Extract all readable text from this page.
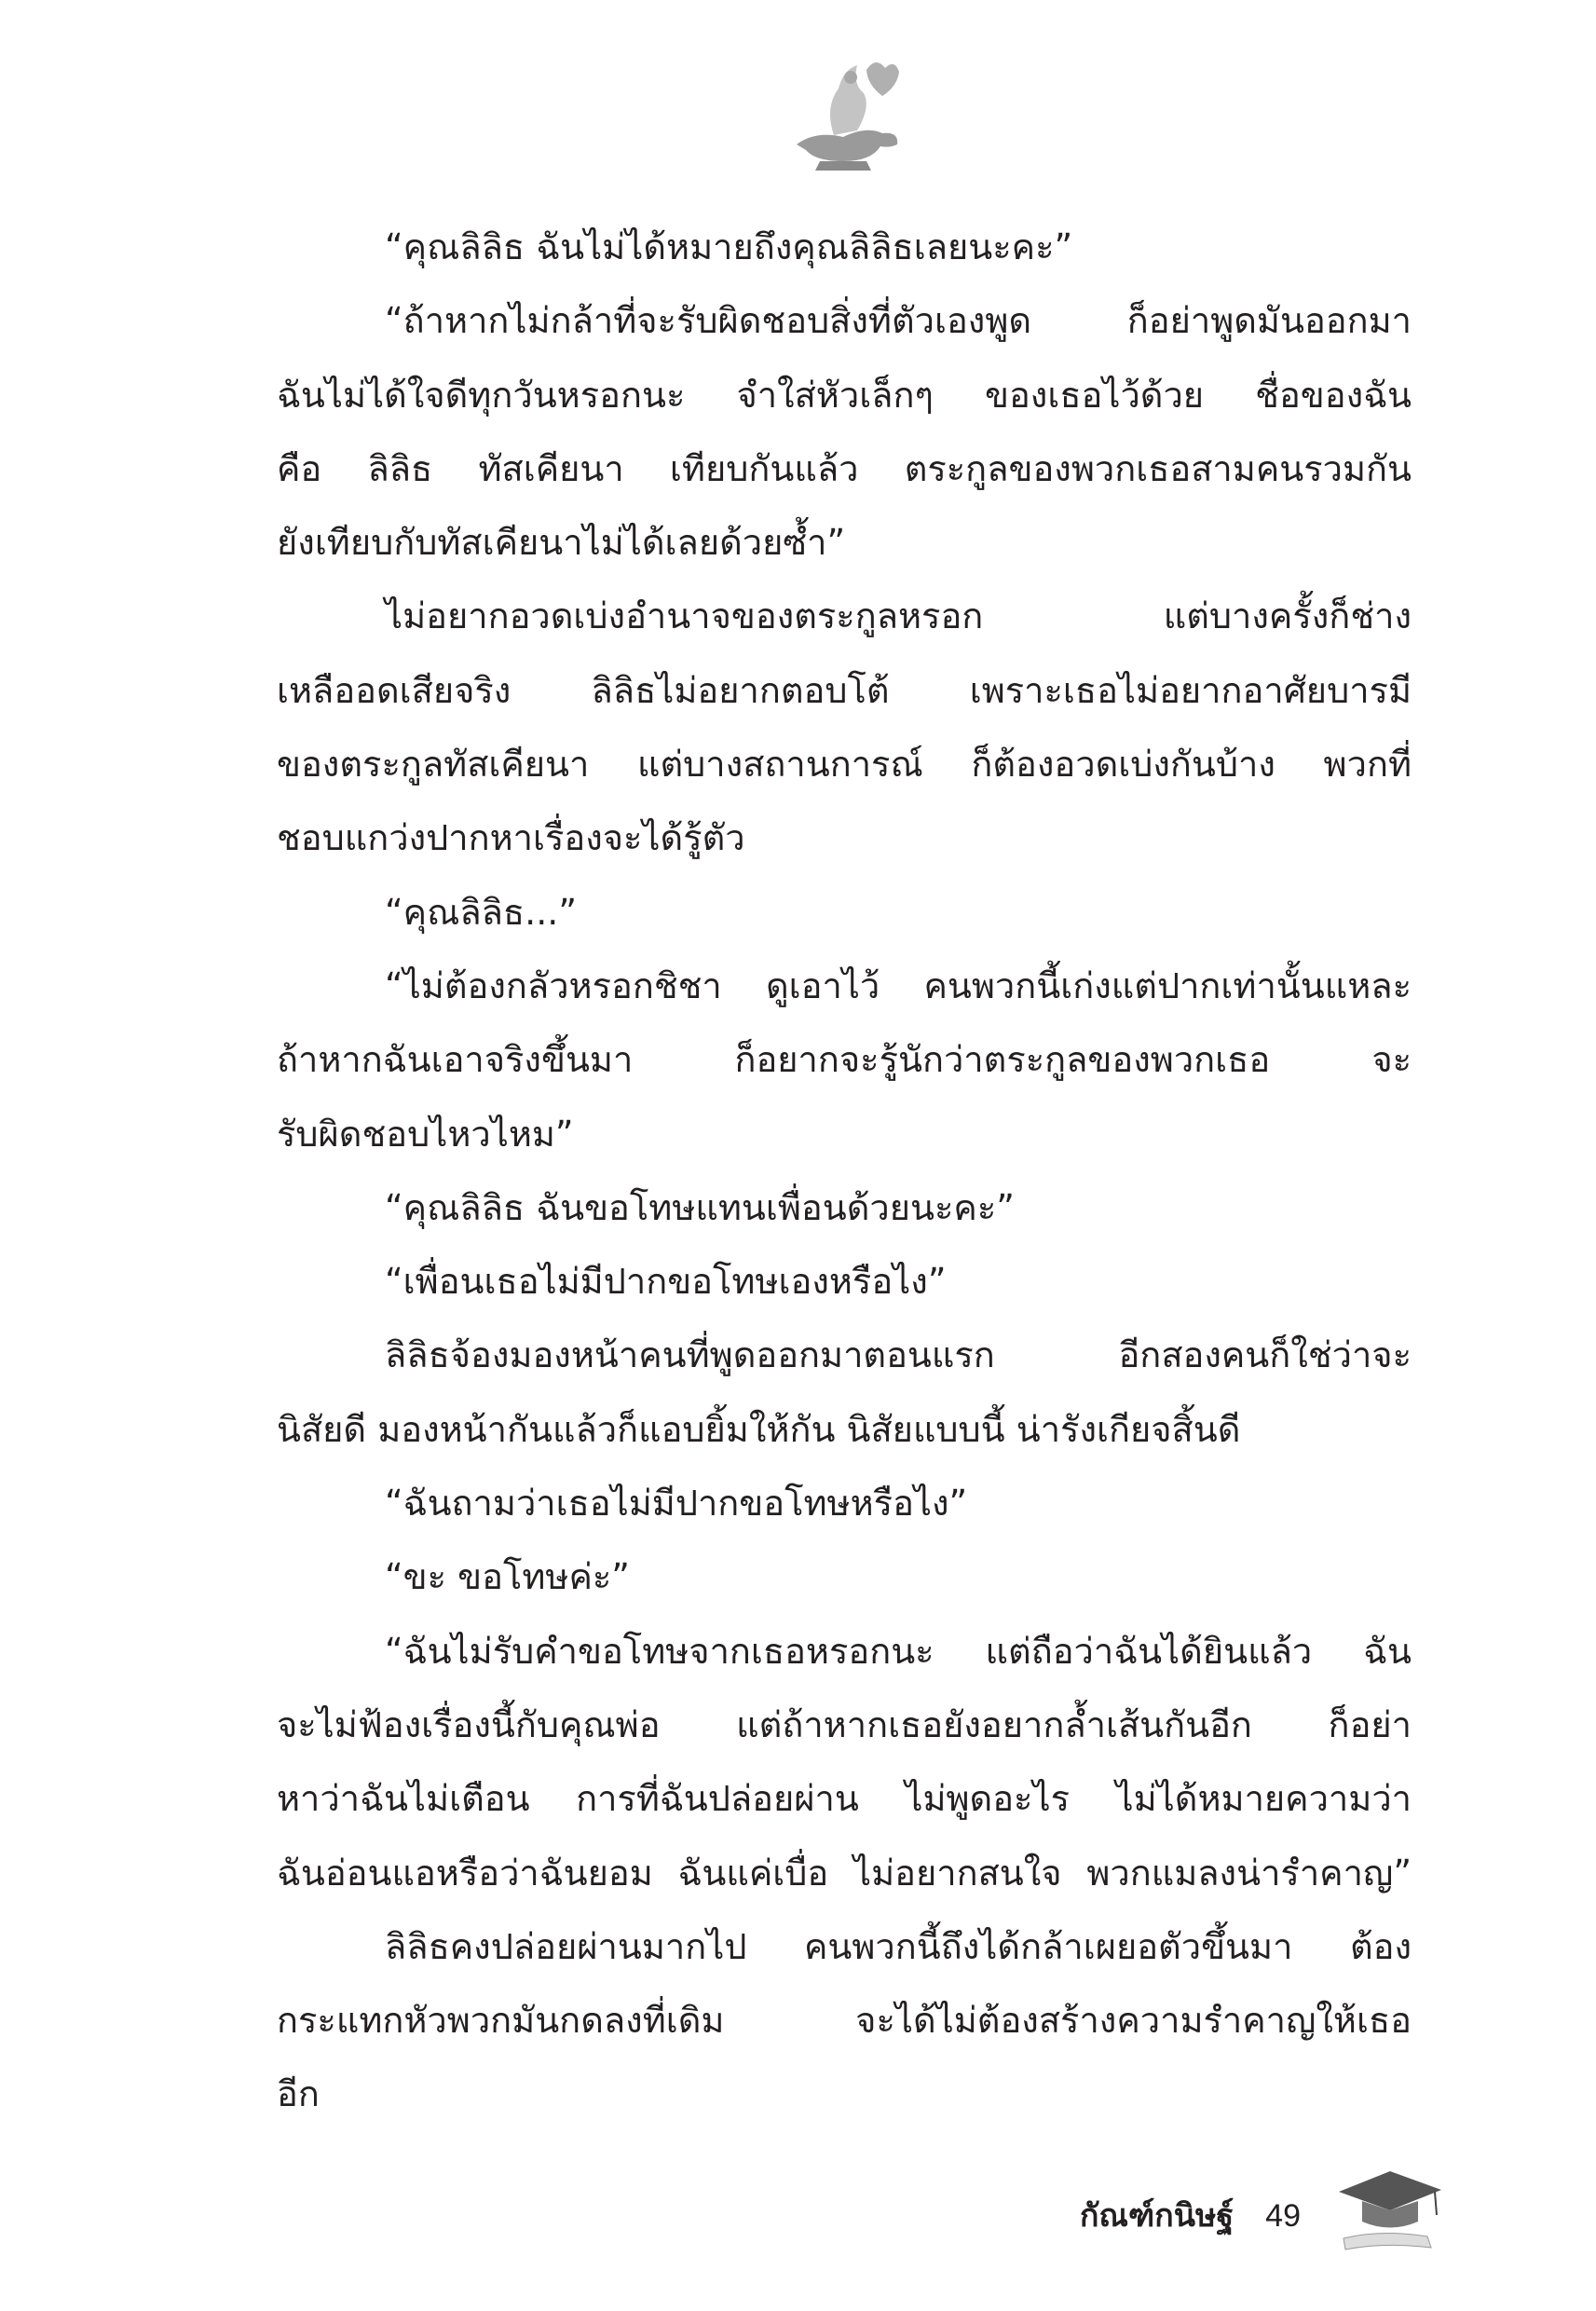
“คุณลิลิธ ฉันไม่ได้หมายถึงคุณลิลิธเลยนะคะ”
“ถ้าหากไม่กล้าที่จะรับผิดชอบสิ่งที่ตัวเองพูด ก็อย่าพูดมันออกมา
ฉันไม่ได้ใจดีทุกวันหรอกนะ จำใส่หัวเล็กๆ ของเธอไว้ด้วย ชื่อของฉัน
คือ ลิลิธ ทัสเคียนา เทียบกันแล้ว ตระกูลของพวกเธอสามคนรวมกัน
ยังเทียบกับทัสเคียนาไม่ได้เลยด้วยซ้ำ”
ไม่อยากอวดเบ่งอำนาจของตระกูลหรอก แต่บางครั้งก็ช่าง
เหลืออดเสียจริง ลิลิธไม่อยากตอบโต้ เพราะเธอไม่อยากอาศัยบารมี
ของตระกูลทัสเคียนา แต่บางสถานการณ์ ก็ต้องอวดเบ่งกันบ้าง พวกที่
ชอบแกว่งปากหาเรื่องจะได้รู้ตัว
“คุณลิลิธ...”
“ไม่ต้องกลัวหรอกชิชา ดูเอาไว้ คนพวกนี้เก่งแต่ปากเท่านั้นแหละ
ถ้าหากฉันเอาจริงขึ้นมา ก็อยากจะรู้นักว่าตระกูลของพวกเธอ จะ
รับผิดชอบไหวไหม”
“คุณลิลิธ ฉันขอโทษแทนเพื่อนด้วยนะคะ”
“เพื่อนเธอไม่มีปากขอโทษเองหรือไง”
ลิลิธจ้องมองหน้าคนที่พูดออกมาตอนแรก อีกสองคนก็ใช่ว่าจะ
นิสัยดี มองหน้ากันแล้วก็แอบยิ้มให้กัน นิสัยแบบนี้ น่ารังเกียจสิ้นดี
“ฉันถามว่าเธอไม่มีปากขอโทษหรือไง”
“ขะ ขอโทษค่ะ”
“ฉันไม่รับคำขอโทษจากเธอหรอกนะ แต่ถือว่าฉันได้ยินแล้ว ฉัน
จะไม่ฟ้องเรื่องนี้กับคุณพ่อ แต่ถ้าหากเธอยังอยากล้ำเส้นกันอีก ก็อย่า
หาว่าฉันไม่เตือน การที่ฉันปล่อยผ่าน ไม่พูดอะไร ไม่ได้หมายความว่า
ฉันอ่อนแอหรือว่าฉันยอม ฉันแค่เบื่อ ไม่อยากสนใจ พวกแมลงน่ารำคาญ”
ลิลิธคงปล่อยผ่านมากไป คนพวกนี้ถึงได้กล้าเผยอตัวขึ้นมา ต้อง
กระแทกหัวพวกมันกดลงที่เดิม จะได้ไม่ต้องสร้างความรำคาญให้เธอ
อีก
กัณฑ์กนิษฐ์ 49
